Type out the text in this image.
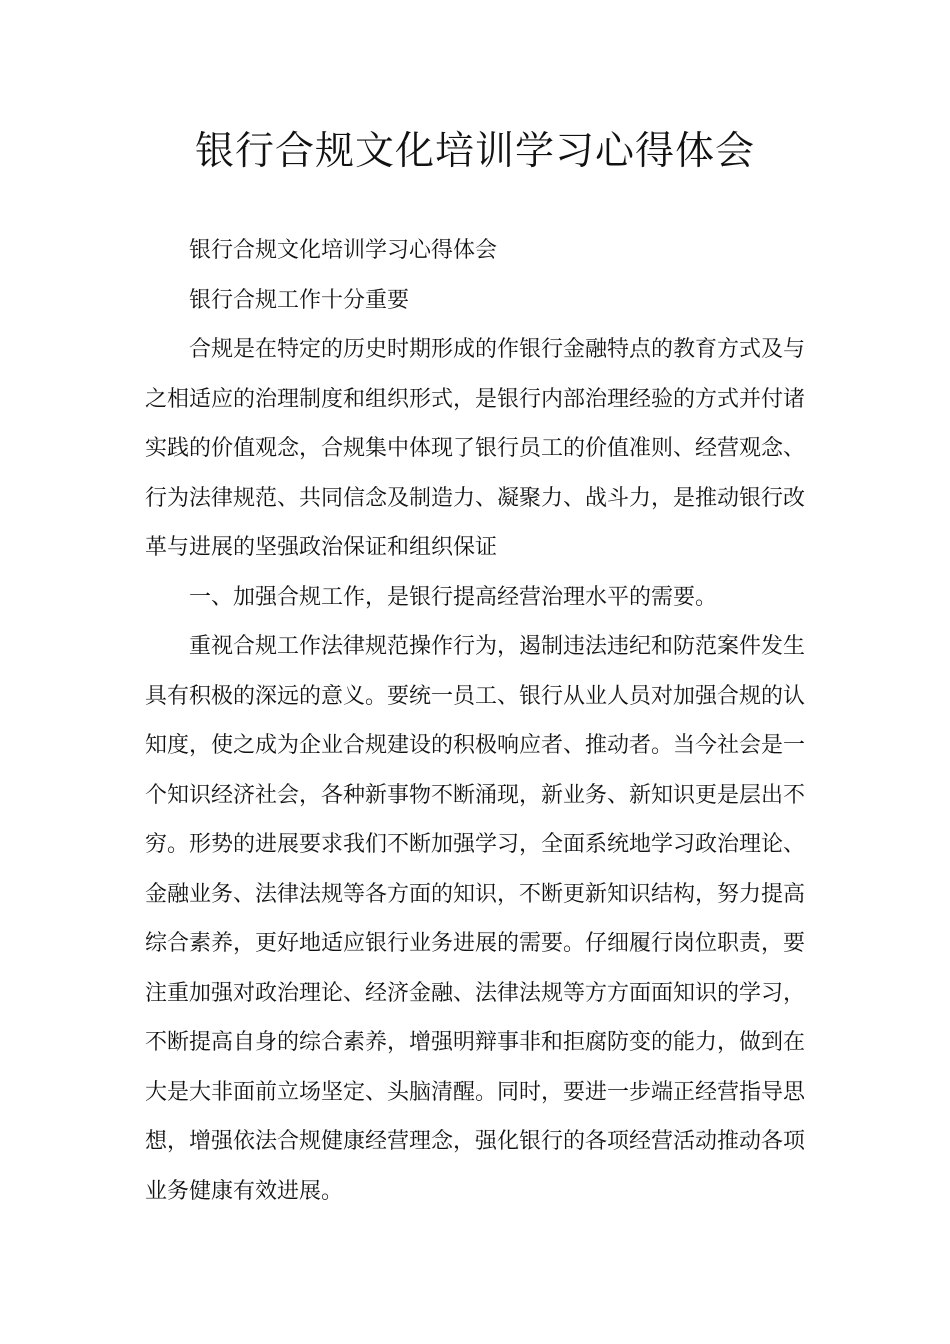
银行合规文化培训学习心得体会

银行合规文化培训学习心得体会

银行合规工作十分重要

合规是在特定的历史时期形成的作银行金融特点的教育方式及与之相适应的治理制度和组织形式，是银行内部治理经验的方式并付诸实践的价值观念，合规集中体现了银行员工的价值准则、经营观念、行为法律规范、共同信念及制造力、凝聚力、战斗力，是推动银行改革与进展的坚强政治保证和组织保证

一、加强合规工作，是银行提高经营治理水平的需要。

重视合规工作法律规范操作行为，遏制违法违纪和防范案件发生具有积极的深远的意义。要统一员工、银行从业人员对加强合规的认知度，使之成为企业合规建设的积极响应者、推动者。当今社会是一个知识经济社会，各种新事物不断涌现，新业务、新知识更是层出不穷。形势的进展要求我们不断加强学习，全面系统地学习政治理论、金融业务、法律法规等各方面的知识，不断更新知识结构，努力提高综合素养，更好地适应银行业务进展的需要。仔细履行岗位职责，要注重加强对政治理论、经济金融、法律法规等方方面面知识的学习，不断提高自身的综合素养，增强明辩事非和拒腐防变的能力，做到在大是大非面前立场坚定、头脑清醒。同时，要进一步端正经营指导思想，增强依法合规健康经营理念，强化银行的各项经营活动推动各项业务健康有效进展。
